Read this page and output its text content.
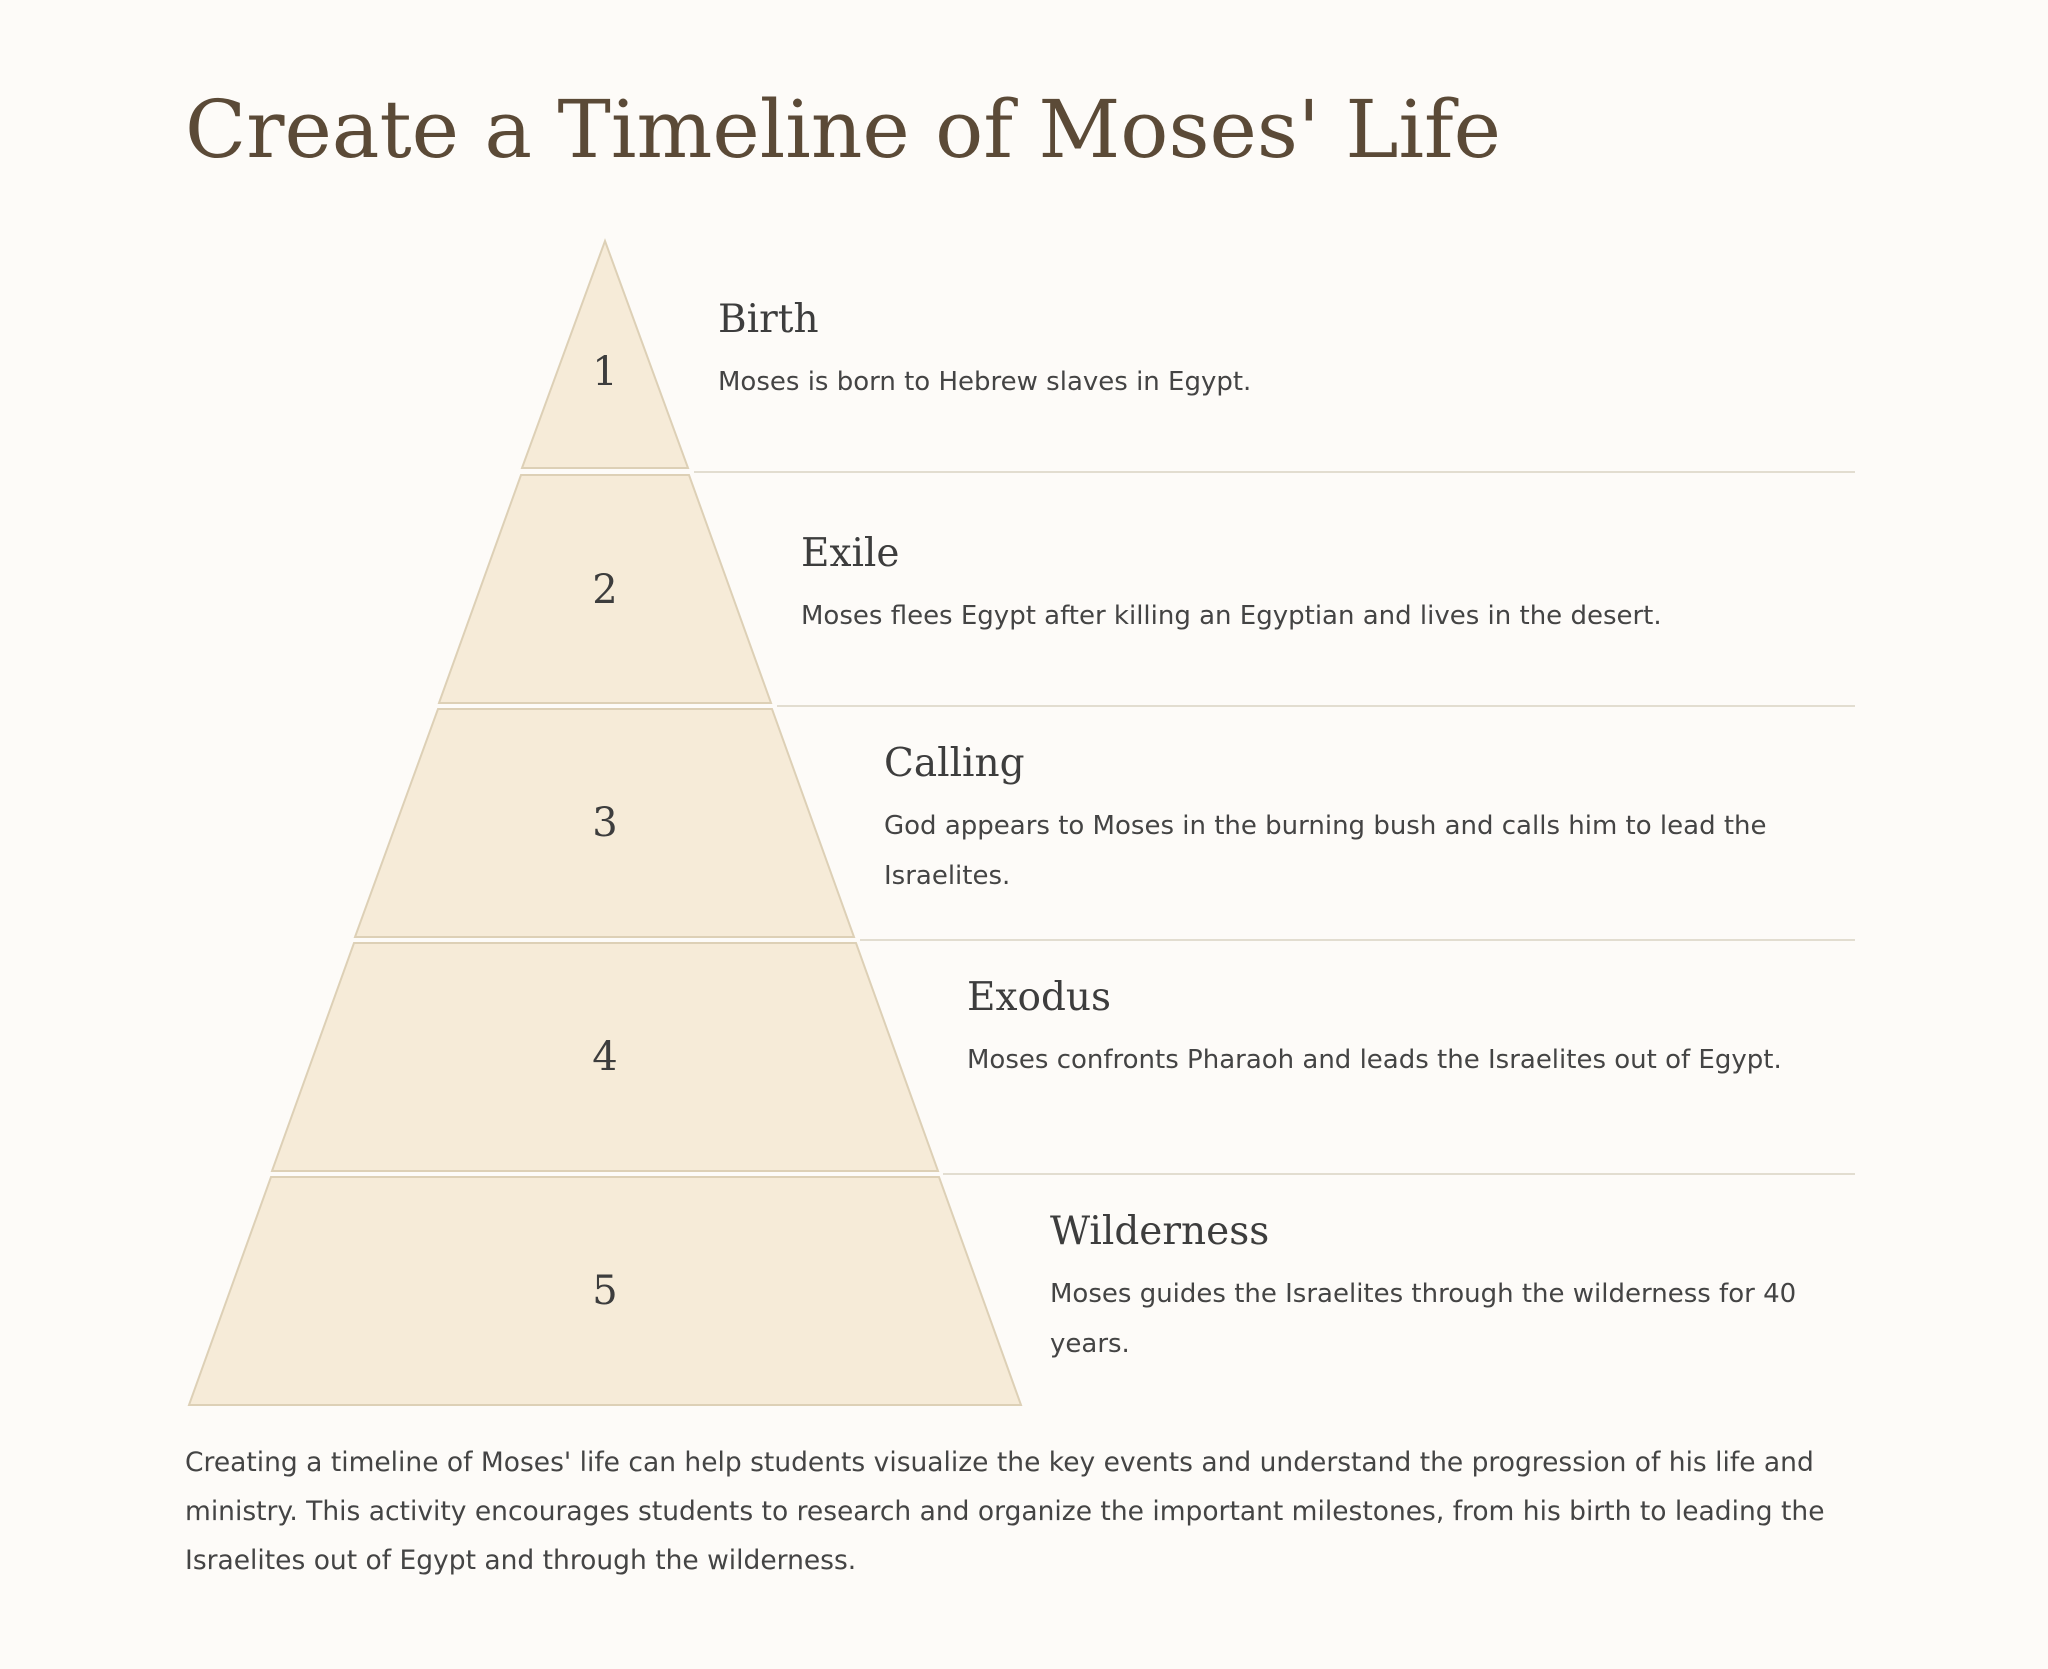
Create a Timeline of Moses' Life
1
2
3
4
5
Birth

Moses is born to Hebrew slaves in Egypt.

Exile

Moses flees Egypt after killing an Egyptian and lives in the desert.

Calling

God appears to Moses in the burning bush and calls him to lead the Israelites.

Exodus

Moses confronts Pharaoh and leads the Israelites out of Egypt.

Wilderness

Moses guides the Israelites through the wilderness for 40 years.

Creating a timeline of Moses' life can help students visualize the key events and understand the progression of his life and ministry. This activity encourages students to research and organize the important milestones, from his birth to leading the Israelites out of Egypt and through the wilderness.
